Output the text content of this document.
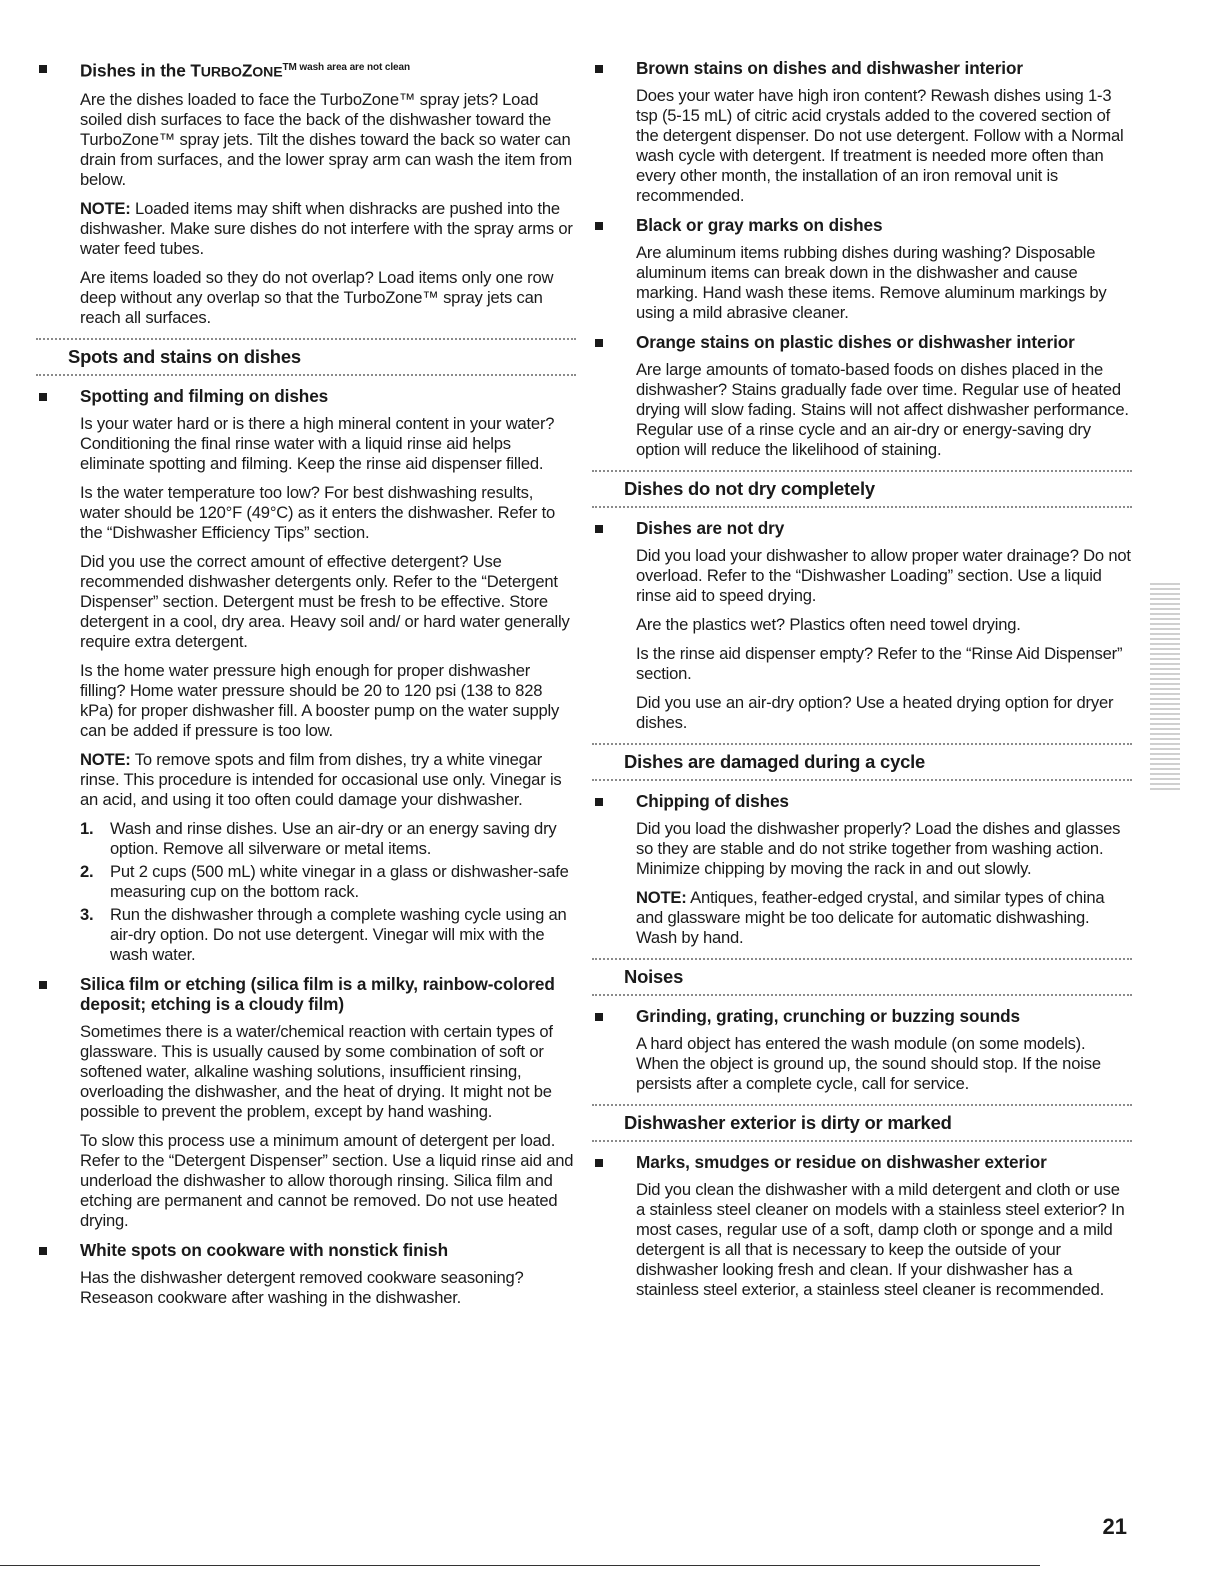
Dishes in the $TURBOZONE^{TM wash area are not clean}$

Are the dishes loaded to face the TurboZone™ spray jets? Load soiled dish surfaces to face the back of the dishwasher toward the TurboZone™ spray jets. Tilt the dishes toward the back so water can drain from surfaces, and the lower spray arm can wash the item from below.

NOTE: Loaded items may shift when dishracks are pushed into the dishwasher. Make sure dishes do not interfere with the spray arms or water feed tubes.

Are items loaded so they do not overlap? Load items only one row deep without any overlap so that the TurboZone™ spray jets can reach all surfaces.

Spots and stains on dishes
Spotting and filming on dishes

Is your water hard or is there a high mineral content in your water? Conditioning the final rinse water with a liquid rinse aid helps eliminate spotting and filming. Keep the rinse aid dispenser filled.

Is the water temperature too low? For best dishwashing results, water should be 120°F (49°C) as it enters the dishwasher. Refer to the “Dishwasher Efficiency Tips” section.

Did you use the correct amount of effective detergent? Use recommended dishwasher detergents only. Refer to the “Detergent Dispenser” section. Detergent must be fresh to be effective. Store detergent in a cool, dry area. Heavy soil and/ or hard water generally require extra detergent.

Is the home water pressure high enough for proper dishwasher filling? Home water pressure should be 20 to 120 psi (138 to 828 kPa) for proper dishwasher fill. A booster pump on the water supply can be added if pressure is too low.

NOTE: To remove spots and film from dishes, try a white vinegar rinse. This procedure is intended for occasional use only. Vinegar is an acid, and using it too often could damage your dishwasher.

1. Wash and rinse dishes. Use an air-dry or an energy saving dry option. Remove all silverware or metal items.
2. Put 2 cups (500 mL) white vinegar in a glass or dishwasher-safe measuring cup on the bottom rack.
3. Run the dishwasher through a complete washing cycle using an air-dry option. Do not use detergent. Vinegar will mix with the wash water.
Silica film or etching (silica film is a milky, rainbow-colored deposit; etching is a cloudy film)

Sometimes there is a water/chemical reaction with certain types of glassware. This is usually caused by some combination of soft or softened water, alkaline washing solutions, insufficient rinsing, overloading the dishwasher, and the heat of drying. It might not be possible to prevent the problem, except by hand washing.

To slow this process use a minimum amount of detergent per load. Refer to the “Detergent Dispenser” section. Use a liquid rinse aid and underload the dishwasher to allow thorough rinsing. Silica film and etching are permanent and cannot be removed. Do not use heated drying.

White spots on cookware with nonstick finish

Has the dishwasher detergent removed cookware seasoning? Reseason cookware after washing in the dishwasher.

Brown stains on dishes and dishwasher interior

Does your water have high iron content? Rewash dishes using 1-3 tsp (5-15 mL) of citric acid crystals added to the covered section of the detergent dispenser. Do not use detergent. Follow with a Normal wash cycle with detergent. If treatment is needed more often than every other month, the installation of an iron removal unit is recommended.

Black or gray marks on dishes

Are aluminum items rubbing dishes during washing? Disposable aluminum items can break down in the dishwasher and cause marking. Hand wash these items. Remove aluminum markings by using a mild abrasive cleaner.

Orange stains on plastic dishes or dishwasher interior

Are large amounts of tomato-based foods on dishes placed in the dishwasher? Stains gradually fade over time. Regular use of heated drying will slow fading. Stains will not affect dishwasher performance. Regular use of a rinse cycle and an air-dry or energy-saving dry option will reduce the likelihood of staining.

Dishes do not dry completely
Dishes are not dry

Did you load your dishwasher to allow proper water drainage? Do not overload. Refer to the “Dishwasher Loading” section. Use a liquid rinse aid to speed drying.

Are the plastics wet? Plastics often need towel drying.

Is the rinse aid dispenser empty? Refer to the “Rinse Aid Dispenser” section.

Did you use an air-dry option? Use a heated drying option for dryer dishes.

Dishes are damaged during a cycle
Chipping of dishes

Did you load the dishwasher properly? Load the dishes and glasses so they are stable and do not strike together from washing action. Minimize chipping by moving the rack in and out slowly.

NOTE: Antiques, feather-edged crystal, and similar types of china and glassware might be too delicate for automatic dishwashing. Wash by hand.

Noises
Grinding, grating, crunching or buzzing sounds

A hard object has entered the wash module (on some models). When the object is ground up, the sound should stop. If the noise persists after a complete cycle, call for service.

Dishwasher exterior is dirty or marked
Marks, smudges or residue on dishwasher exterior

Did you clean the dishwasher with a mild detergent and cloth or use a stainless steel cleaner on models with a stainless steel exterior? In most cases, regular use of a soft, damp cloth or sponge and a mild detergent is all that is necessary to keep the outside of your dishwasher looking fresh and clean. If your dishwasher has a stainless steel exterior, a stainless steel cleaner is recommended.

21
